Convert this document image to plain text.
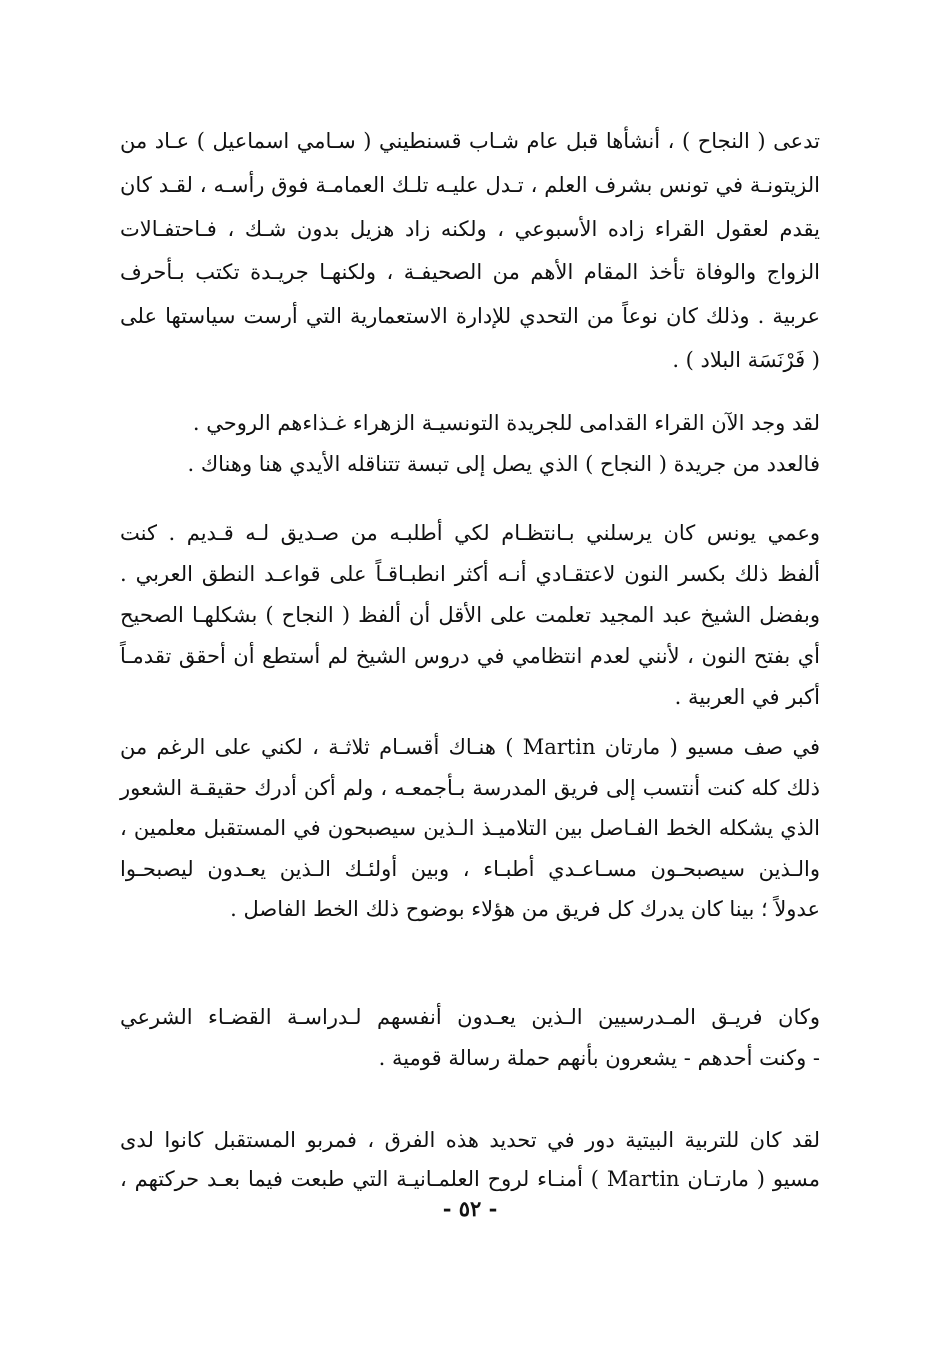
تدعى ( النجاح ) ، أنشأها قبل عام شـاب قسنطيني ( سـامي اسماعيل ) عـاد من
الزيتونـة في تونس بشرف العلم ، تـدل عليـه تلـك العمامـة فوق رأسـه ، لقـد كان
يقدم لعقول القراء زاده الأسبوعي ، ولكنه زاد هزيل بدون شـك ، فـاحتفـالات
الزواج والوفاة تأخذ المقام الأهم من الصحيفـة ، ولكنهـا جريـدة تكتب بـأحرف
عربية . وذلك كان نوعاً من التحدي للإدارة الاستعمارية التي أرست سياستها على
( فَرْنَسَة البلاد ) .
لقد وجد الآن القراء القدامى للجريدة التونسيـة الزهراء غـذاءهم الروحي .
فالعدد من جريدة ( النجاح ) الذي يصل إلى تبسة تتناقله الأيدي هنا وهناك .
وعمي يونس كان يرسلني بـانتظـام لكي أطلبـه من صـديق لـه قـديم . كنت
ألفظ ذلك بكسر النون لاعتقـادي أنـه أكثر انطبـاقـاً على قواعـد النطق العربي .
وبفضل الشيخ عبد المجيد تعلمت على الأقل أن ألفظ ( النجاح ) بشكلهـا الصحيح
أي بفتح النون ، لأنني لعدم انتظامي في دروس الشيخ لم أستطع أن أحقق تقدمـاً
أكبر في العربية .
في صف مسيو ( مارتان Martin ) هنـاك أقسـام ثلاثـة ، لكني على الرغم من
ذلك كله كنت أنتسب إلى فريق المدرسة بـأجمعـه ، ولم أكن أدرك حقيقـة الشعور
الذي يشكله الخط الفـاصل بين التلاميـذ الـذين سيصبحون في المستقبل معلمين ،
والـذين سيصبحـون مسـاعـدي أطبـاء ، وبين أولئـك الـذين يعـدون ليصبحـوا
عدولاً ؛ بينا كان يدرك كل فريق من هؤلاء بوضوح ذلك الخط الفاصل .
وكان فريـق المـدرسيين الـذين يعـدون أنفسهم لـدراسـة القضـاء الشرعي
- وكنت أحدهم - يشعرون بأنهم حملة رسالة قومية .
لقد كان للتربية البيتية دور في تحديد هذه الفرق ، فمربو المستقبل كانوا لدى
مسيو ( مارتـان Martin ) أمنـاء لروح العلمـانيـة التي طبعت فيما بعـد حركتهم ،
- ٥٢ -
